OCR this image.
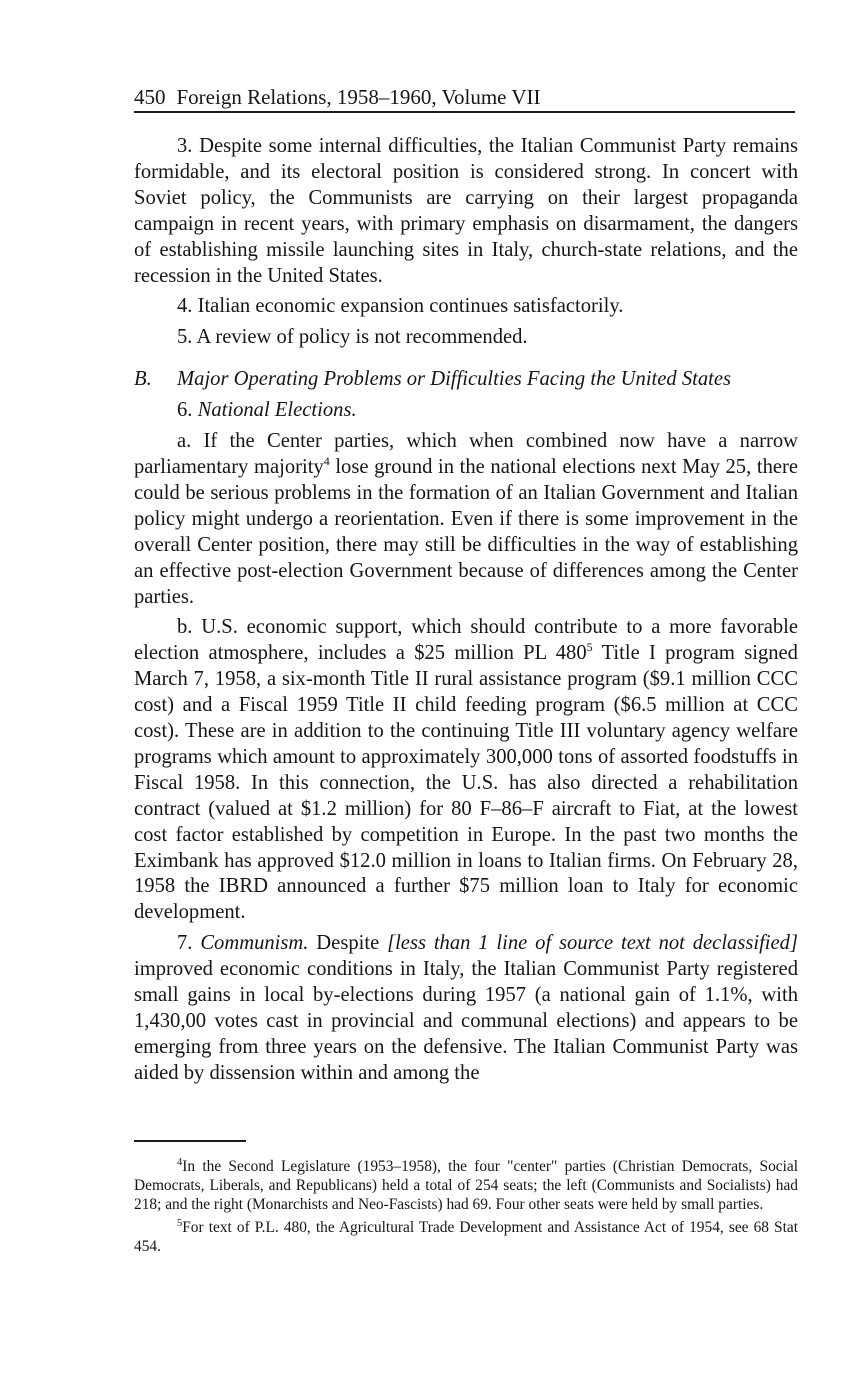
450 Foreign Relations, 1958–1960, Volume VII

3. Despite some internal difficulties, the Italian Communist Party remains formidable, and its electoral position is considered strong. In concert with Soviet policy, the Communists are carrying on their largest propaganda campaign in recent years, with primary emphasis on disarmament, the dangers of establishing missile launching sites in Italy, church-state relations, and the recession in the United States.

4. Italian economic expansion continues satisfactorily.

5. A review of policy is not recommended.

B. Major Operating Problems or Difficulties Facing the United States

6. National Elections.

a. If the Center parties, which when combined now have a narrow parliamentary majority$^4$ lose ground in the national elections next May 25, there could be serious problems in the formation of an Italian Government and Italian policy might undergo a reorientation. Even if there is some improvement in the overall Center position, there may still be difficulties in the way of establishing an effective post-election Government because of differences among the Center parties.

b. U.S. economic support, which should contribute to a more favorable election atmosphere, includes a $25 million PL $480^5$ Title I program signed March 7, 1958, a six-month Title II rural assistance program ($9.1 million CCC cost) and a Fiscal 1959 Title II child feeding program ($6.5 million at CCC cost). These are in addition to the continuing Title III voluntary agency welfare programs which amount to approximately 300,000 tons of assorted foodstuffs in Fiscal 1958. In this connection, the U.S. has also directed a rehabilitation contract (valued at $1.2 million) for 80 F–86–F aircraft to Fiat, at the lowest cost factor established by competition in Europe. In the past two months the Eximbank has approved $12.0 million in loans to Italian firms. On February 28, 1958 the IBRD announced a further $75 million loan to Italy for economic development.

7. Communism. Despite [less than 1 line of source text not declassified] improved economic conditions in Italy, the Italian Communist Party registered small gains in local by-elections during 1957 (a national gain of 1.1%, with 1,430,00 votes cast in provincial and communal elections) and appears to be emerging from three years on the defensive. The Italian Communist Party was aided by dissension within and among the

$^4$In the Second Legislature (1953–1958), the four "center" parties (Christian Democrats, Social Democrats, Liberals, and Republicans) held a total of 254 seats; the left (Communists and Socialists) had 218; and the right (Monarchists and Neo-Fascists) had 69. Four other seats were held by small parties.

$^5$For text of P.L. 480, the Agricultural Trade Development and Assistance Act of 1954, see 68 Stat 454.
